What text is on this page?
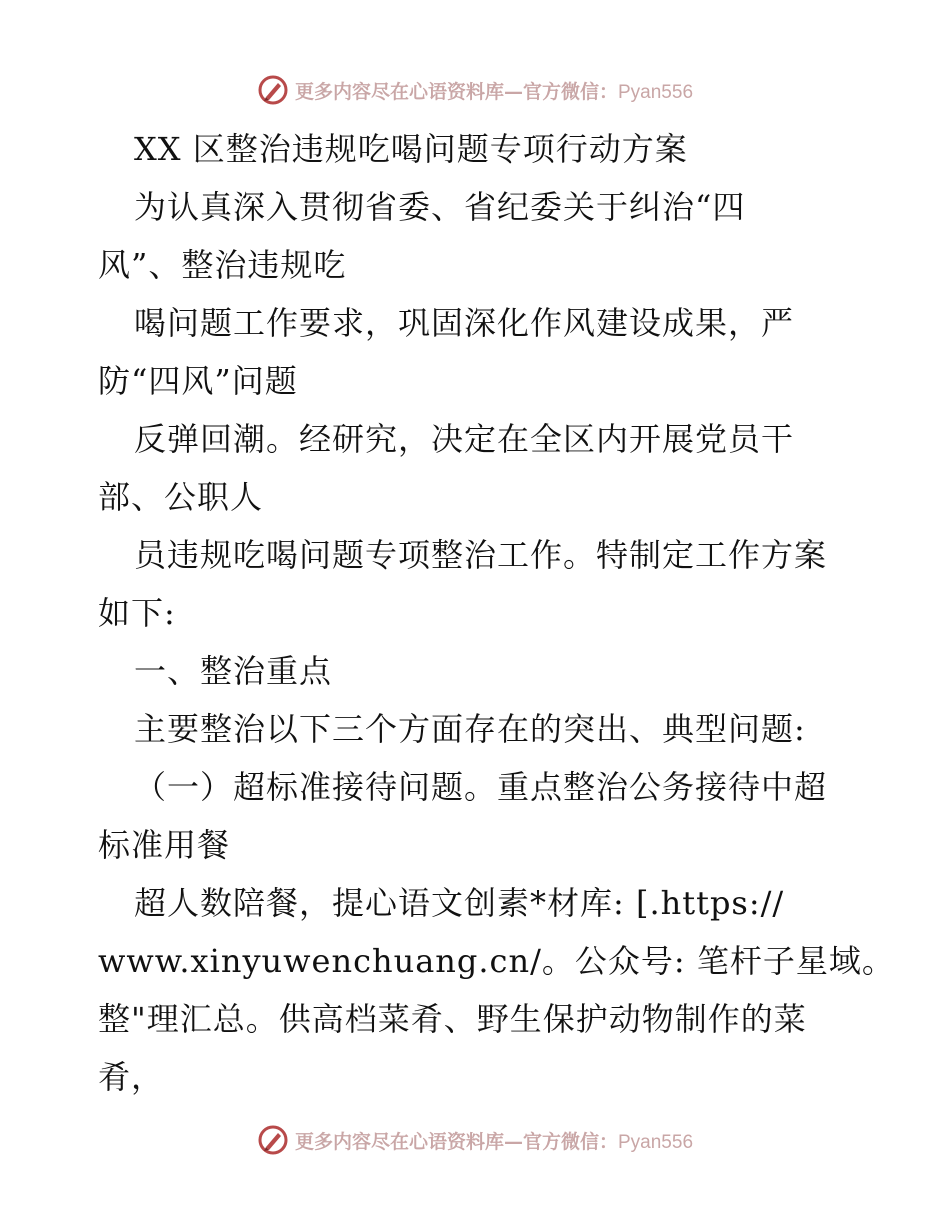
更多内容尽在心语资料库—官方微信：Pyan556
XX 区整治违规吃喝问题专项行动方案
为认真深入贯彻省委、省纪委关于纠治“四
风”、整治违规吃
喝问题工作要求，巩固深化作风建设成果，严
防“四风”问题
反弹回潮。经研究，决定在全区内开展党员干
部、公职人
员违规吃喝问题专项整治工作。特制定工作方案
如下:
一、整治重点
主要整治以下三个方面存在的突出、典型问题:
（一）超标准接待问题。重点整治公务接待中超
标准用餐
超人数陪餐，提心语文创素*材库: [.https://
www.xinyuwenchuang.cn/。公众号: 笔杆子星域。
整"理汇总。供高档菜肴、野生保护动物制作的菜
肴，
更多内容尽在心语资料库—官方微信：Pyan556
